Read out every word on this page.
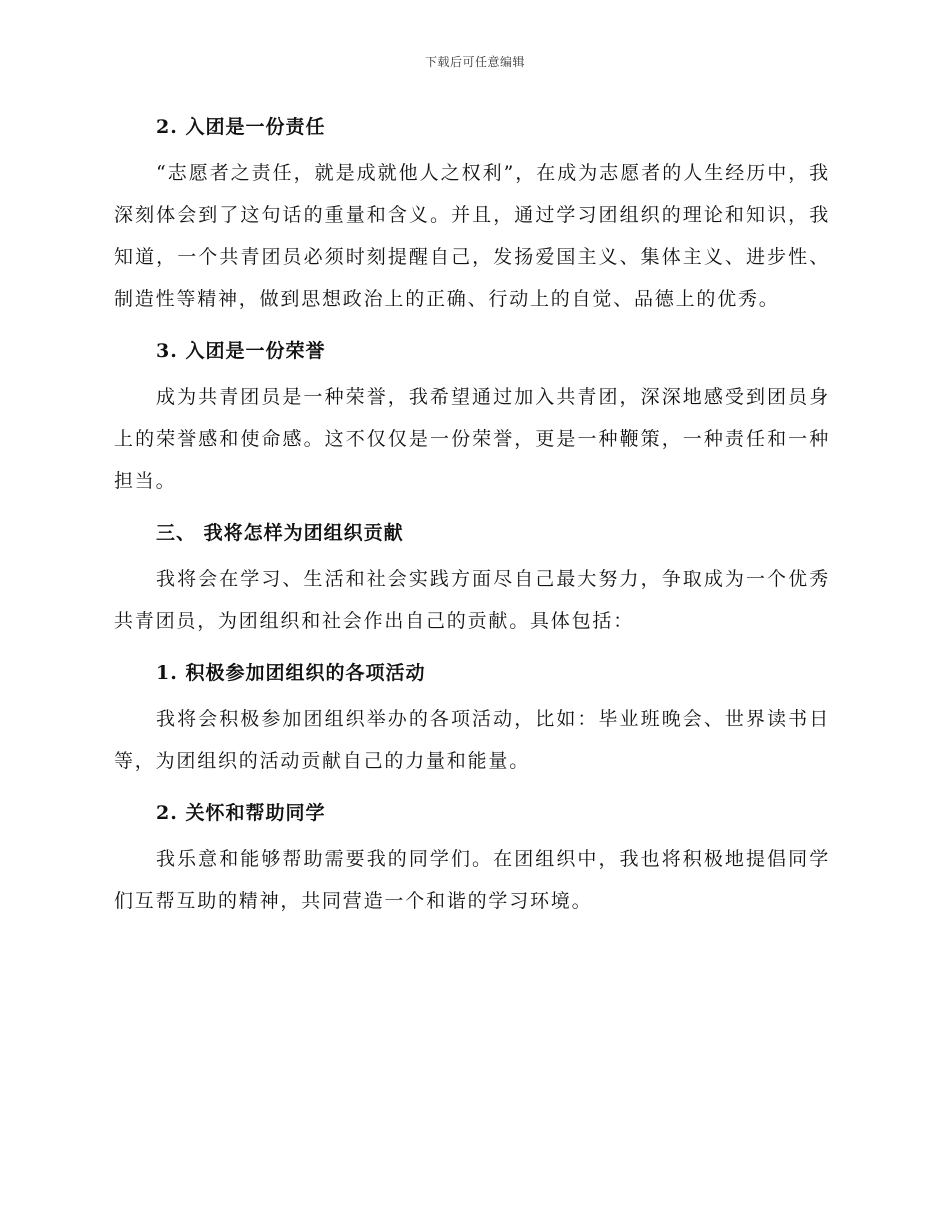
下载后可任意编辑
2. 入团是一份责任

“志愿者之责任，就是成就他人之权利”，在成为志愿者的人生经历中，我深刻体会到了这句话的重量和含义。并且，通过学习团组织的理论和知识，我知道，一个共青团员必须时刻提醒自己，发扬爱国主义、集体主义、进步性、制造性等精神，做到思想政治上的正确、行动上的自觉、品德上的优秀。

3. 入团是一份荣誉

成为共青团员是一种荣誉，我希望通过加入共青团，深深地感受到团员身上的荣誉感和使命感。这不仅仅是一份荣誉，更是一种鞭策，一种责任和一种担当。

三、 我将怎样为团组织贡献

我将会在学习、生活和社会实践方面尽自己最大努力，争取成为一个优秀共青团员，为团组织和社会作出自己的贡献。具体包括：

1. 积极参加团组织的各项活动

我将会积极参加团组织举办的各项活动，比如：毕业班晚会、世界读书日等，为团组织的活动贡献自己的力量和能量。

2. 关怀和帮助同学

我乐意和能够帮助需要我的同学们。在团组织中，我也将积极地提倡同学们互帮互助的精神，共同营造一个和谐的学习环境。
